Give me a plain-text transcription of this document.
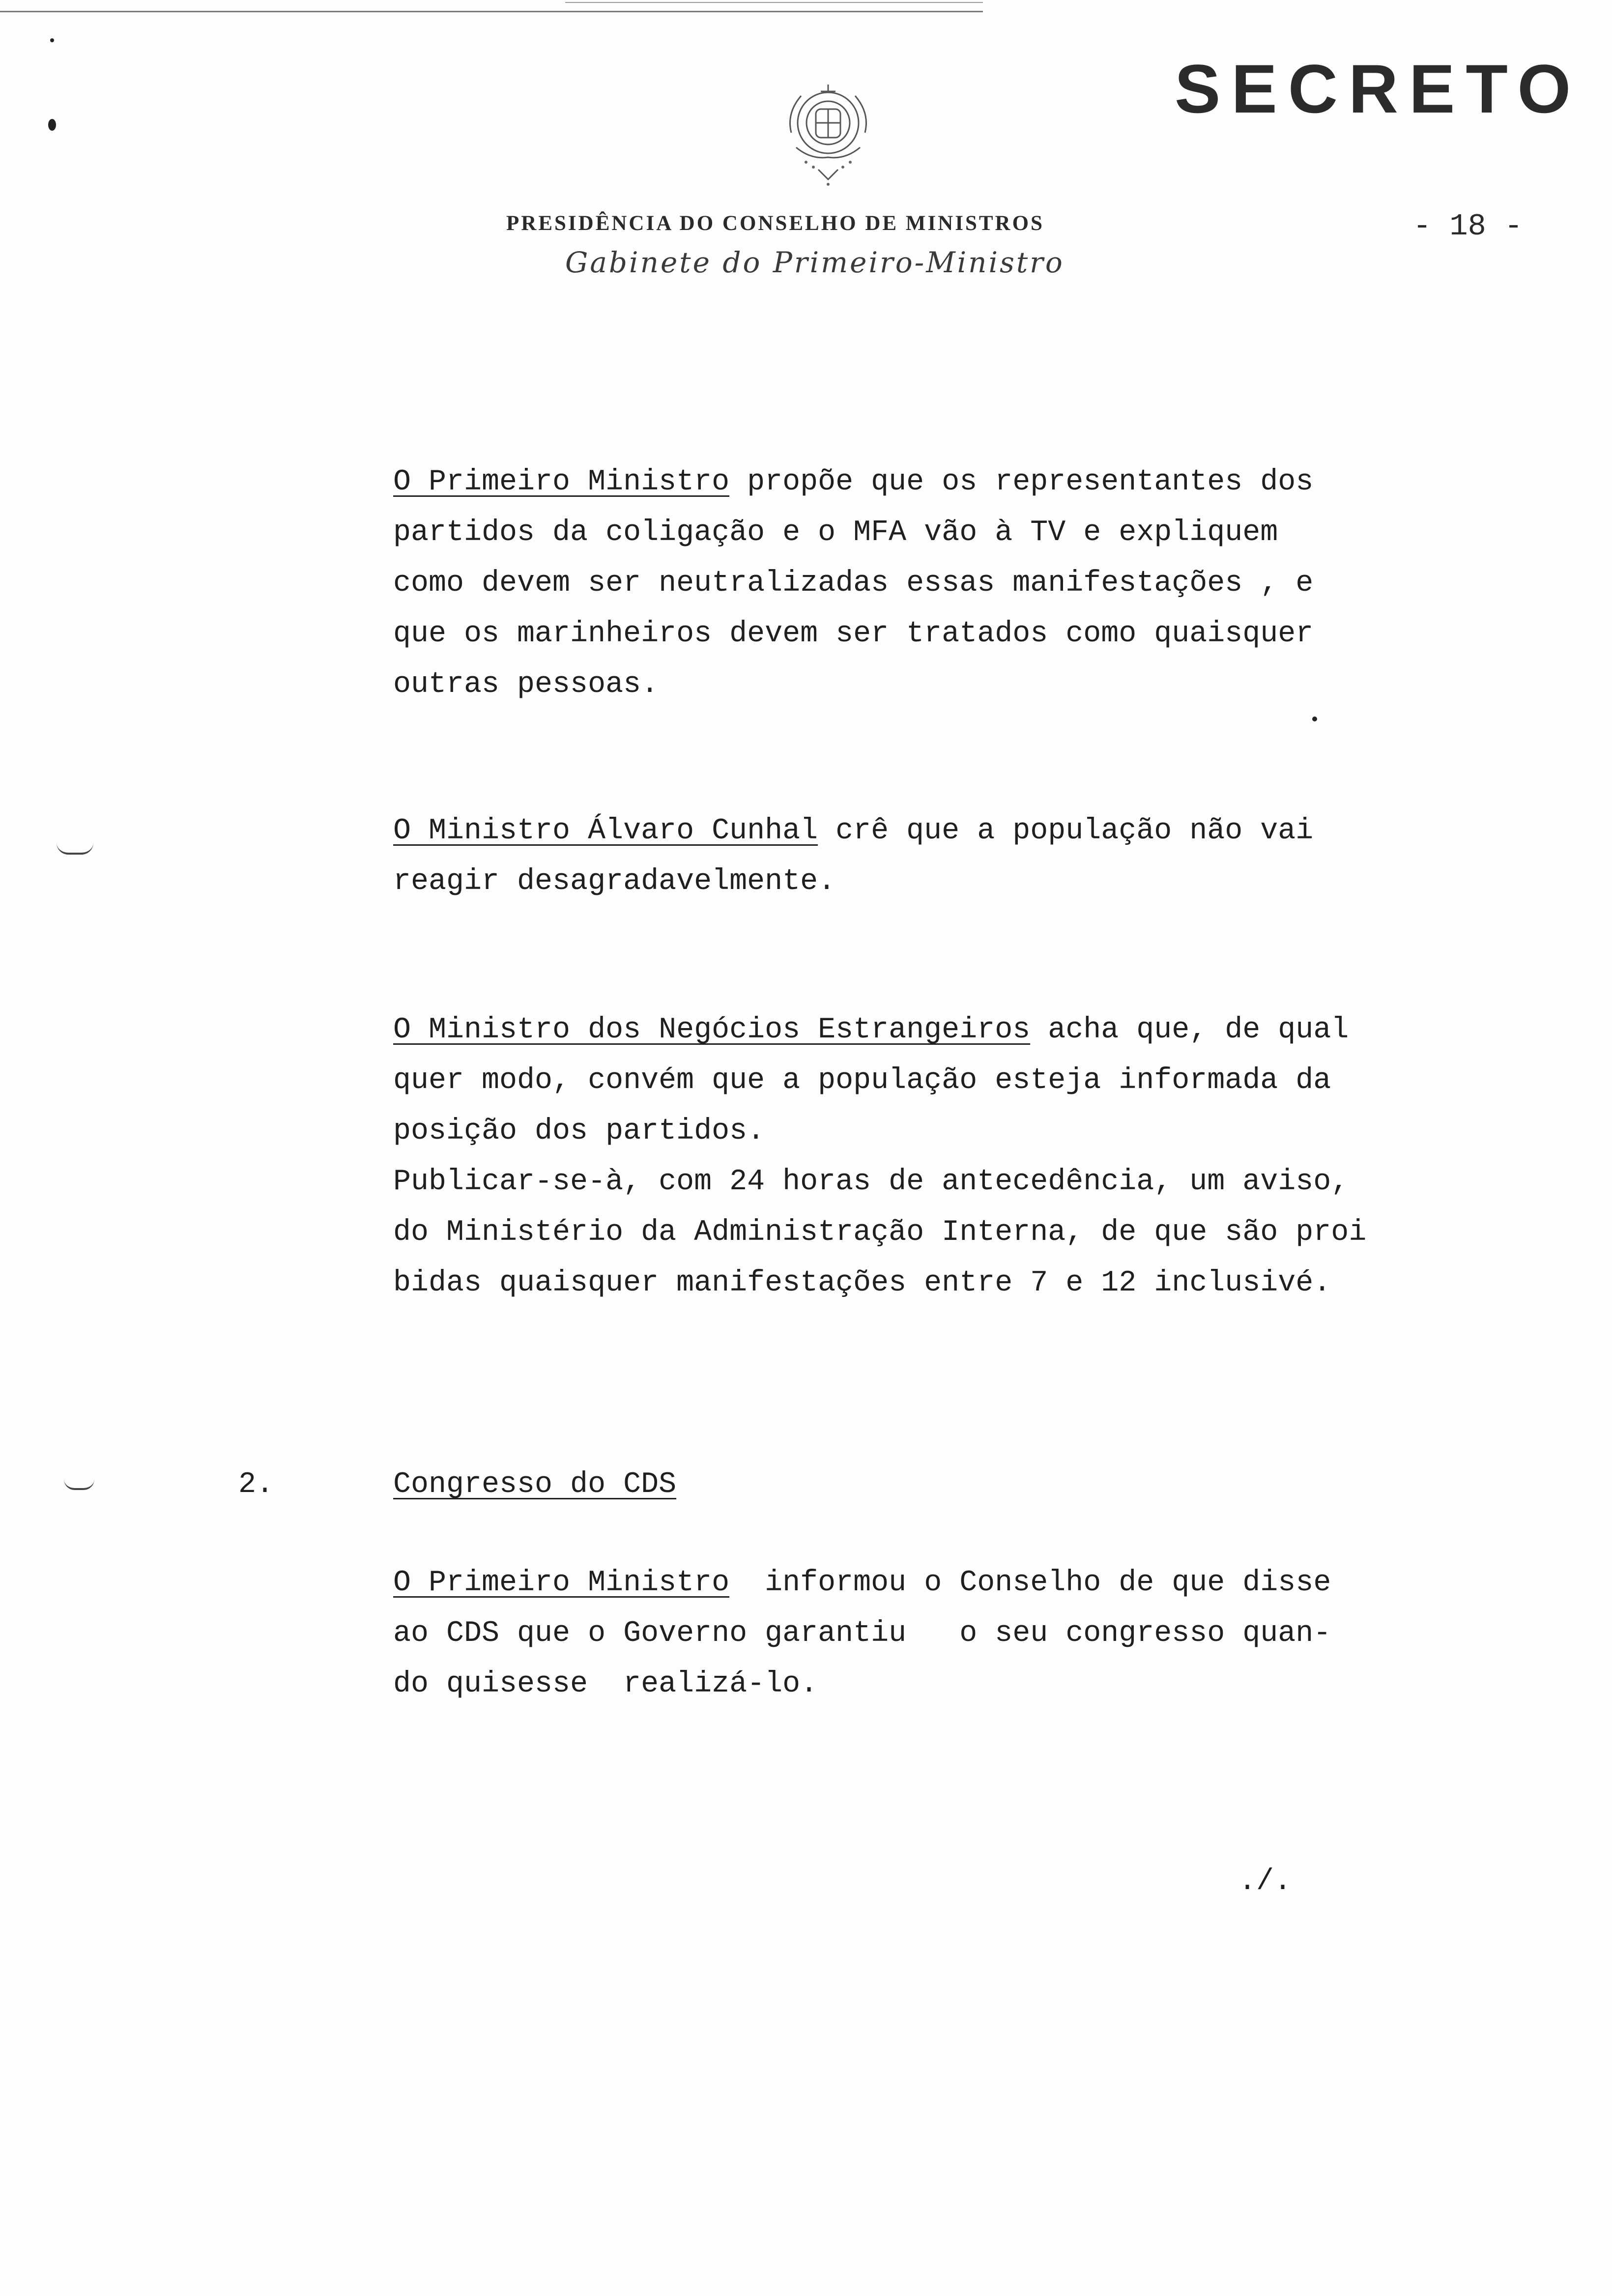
SECRETO
PRESIDÊNCIA DO CONSELHO DE MINISTROS
Gabinete do Primeiro-Ministro
- 18 -
O Primeiro Ministro propõe que os representantes dos
partidos da coligação e o MFA vão à TV e expliquem
como devem ser neutralizadas essas manifestações , e
que os marinheiros devem ser tratados como quaisquer
outras pessoas.
O Ministro Álvaro Cunhal crê que a população não vai
reagir desagradavelmente.
O Ministro dos Negócios Estrangeiros acha que, de qual
quer modo, convém que a população esteja informada da
posição dos partidos.
Publicar-se-à, com 24 horas de antecedência, um aviso,
do Ministério da Administração Interna, de que são proi
bidas quaisquer manifestações entre 7 e 12 inclusivé.
2.	Congresso do CDS
O Primeiro Ministro  informou o Conselho de que disse
ao CDS que o Governo garantiu   o seu congresso quan-
do quisesse  realizá-lo.
./.
